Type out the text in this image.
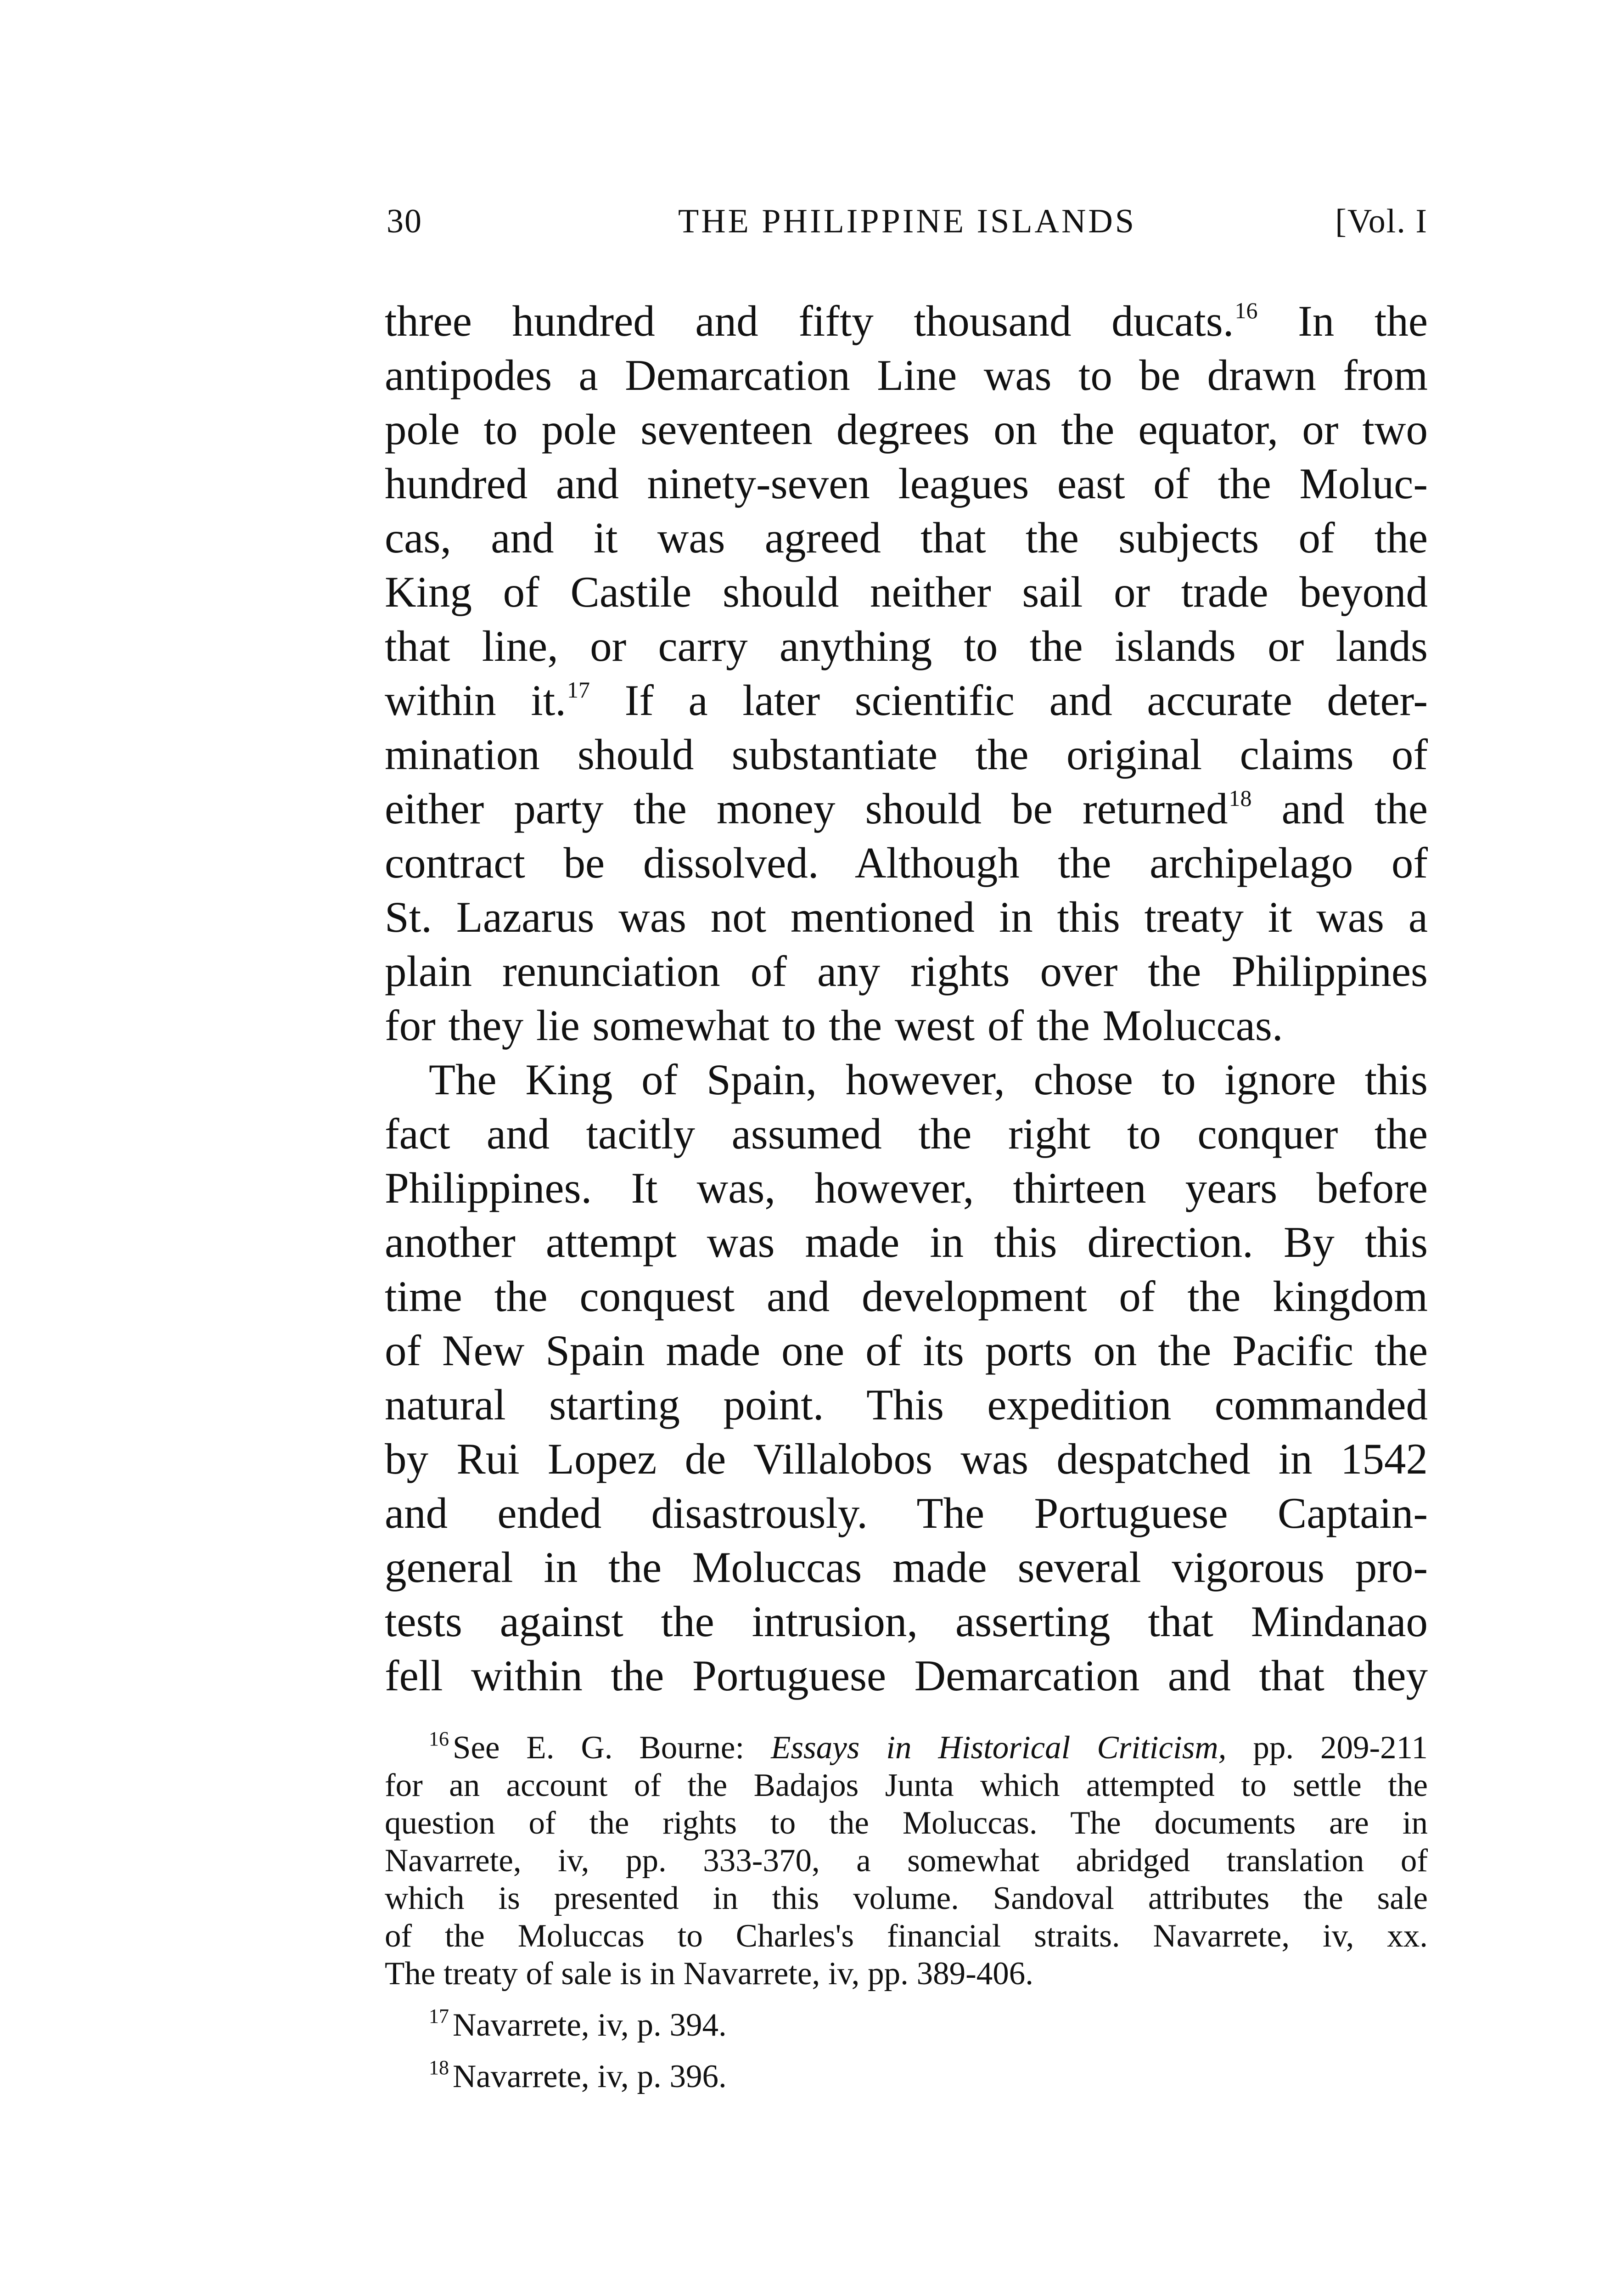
30	THE PHILIPPINE ISLANDS	[Vol. I
three hundred and fifty thousand ducats.$^{16}$ In the
antipodes a Demarcation Line was to be drawn from
pole to pole seventeen degrees on the equator, or two
hundred and ninety-seven leagues east of the Moluc-
cas, and it was agreed that the subjects of the
King of Castile should neither sail or trade beyond
that line, or carry anything to the islands or lands
within it.$^{17}$ If a later scientific and accurate deter-
mination should substantiate the original claims of
either party the money should be returned$^{18}$ and the
contract be dissolved. Although the archipelago of
St. Lazarus was not mentioned in this treaty it was a
plain renunciation of any rights over the Philippines
for they lie somewhat to the west of the Moluccas.
The King of Spain, however, chose to ignore this
fact and tacitly assumed the right to conquer the
Philippines. It was, however, thirteen years before
another attempt was made in this direction. By this
time the conquest and development of the kingdom
of New Spain made one of its ports on the Pacific the
natural starting point. This expedition commanded
by Rui Lopez de Villalobos was despatched in 1542
and ended disastrously. The Portuguese Captain-
general in the Moluccas made several vigorous pro-
tests against the intrusion, asserting that Mindanao
fell within the Portuguese Demarcation and that they
$^{16}$ See E. G. Bourne: Essays in Historical Criticism, pp. 209-211
for an account of the Badajos Junta which attempted to settle the
question of the rights to the Moluccas. The documents are in
Navarrete, iv, pp. 333-370, a somewhat abridged translation of
which is presented in this volume. Sandoval attributes the sale
of the Moluccas to Charles's financial straits. Navarrete, iv, xx.
The treaty of sale is in Navarrete, iv, pp. 389-406.
$^{17}$ Navarrete, iv, p. 394.
$^{18}$ Navarrete, iv, p. 396.
